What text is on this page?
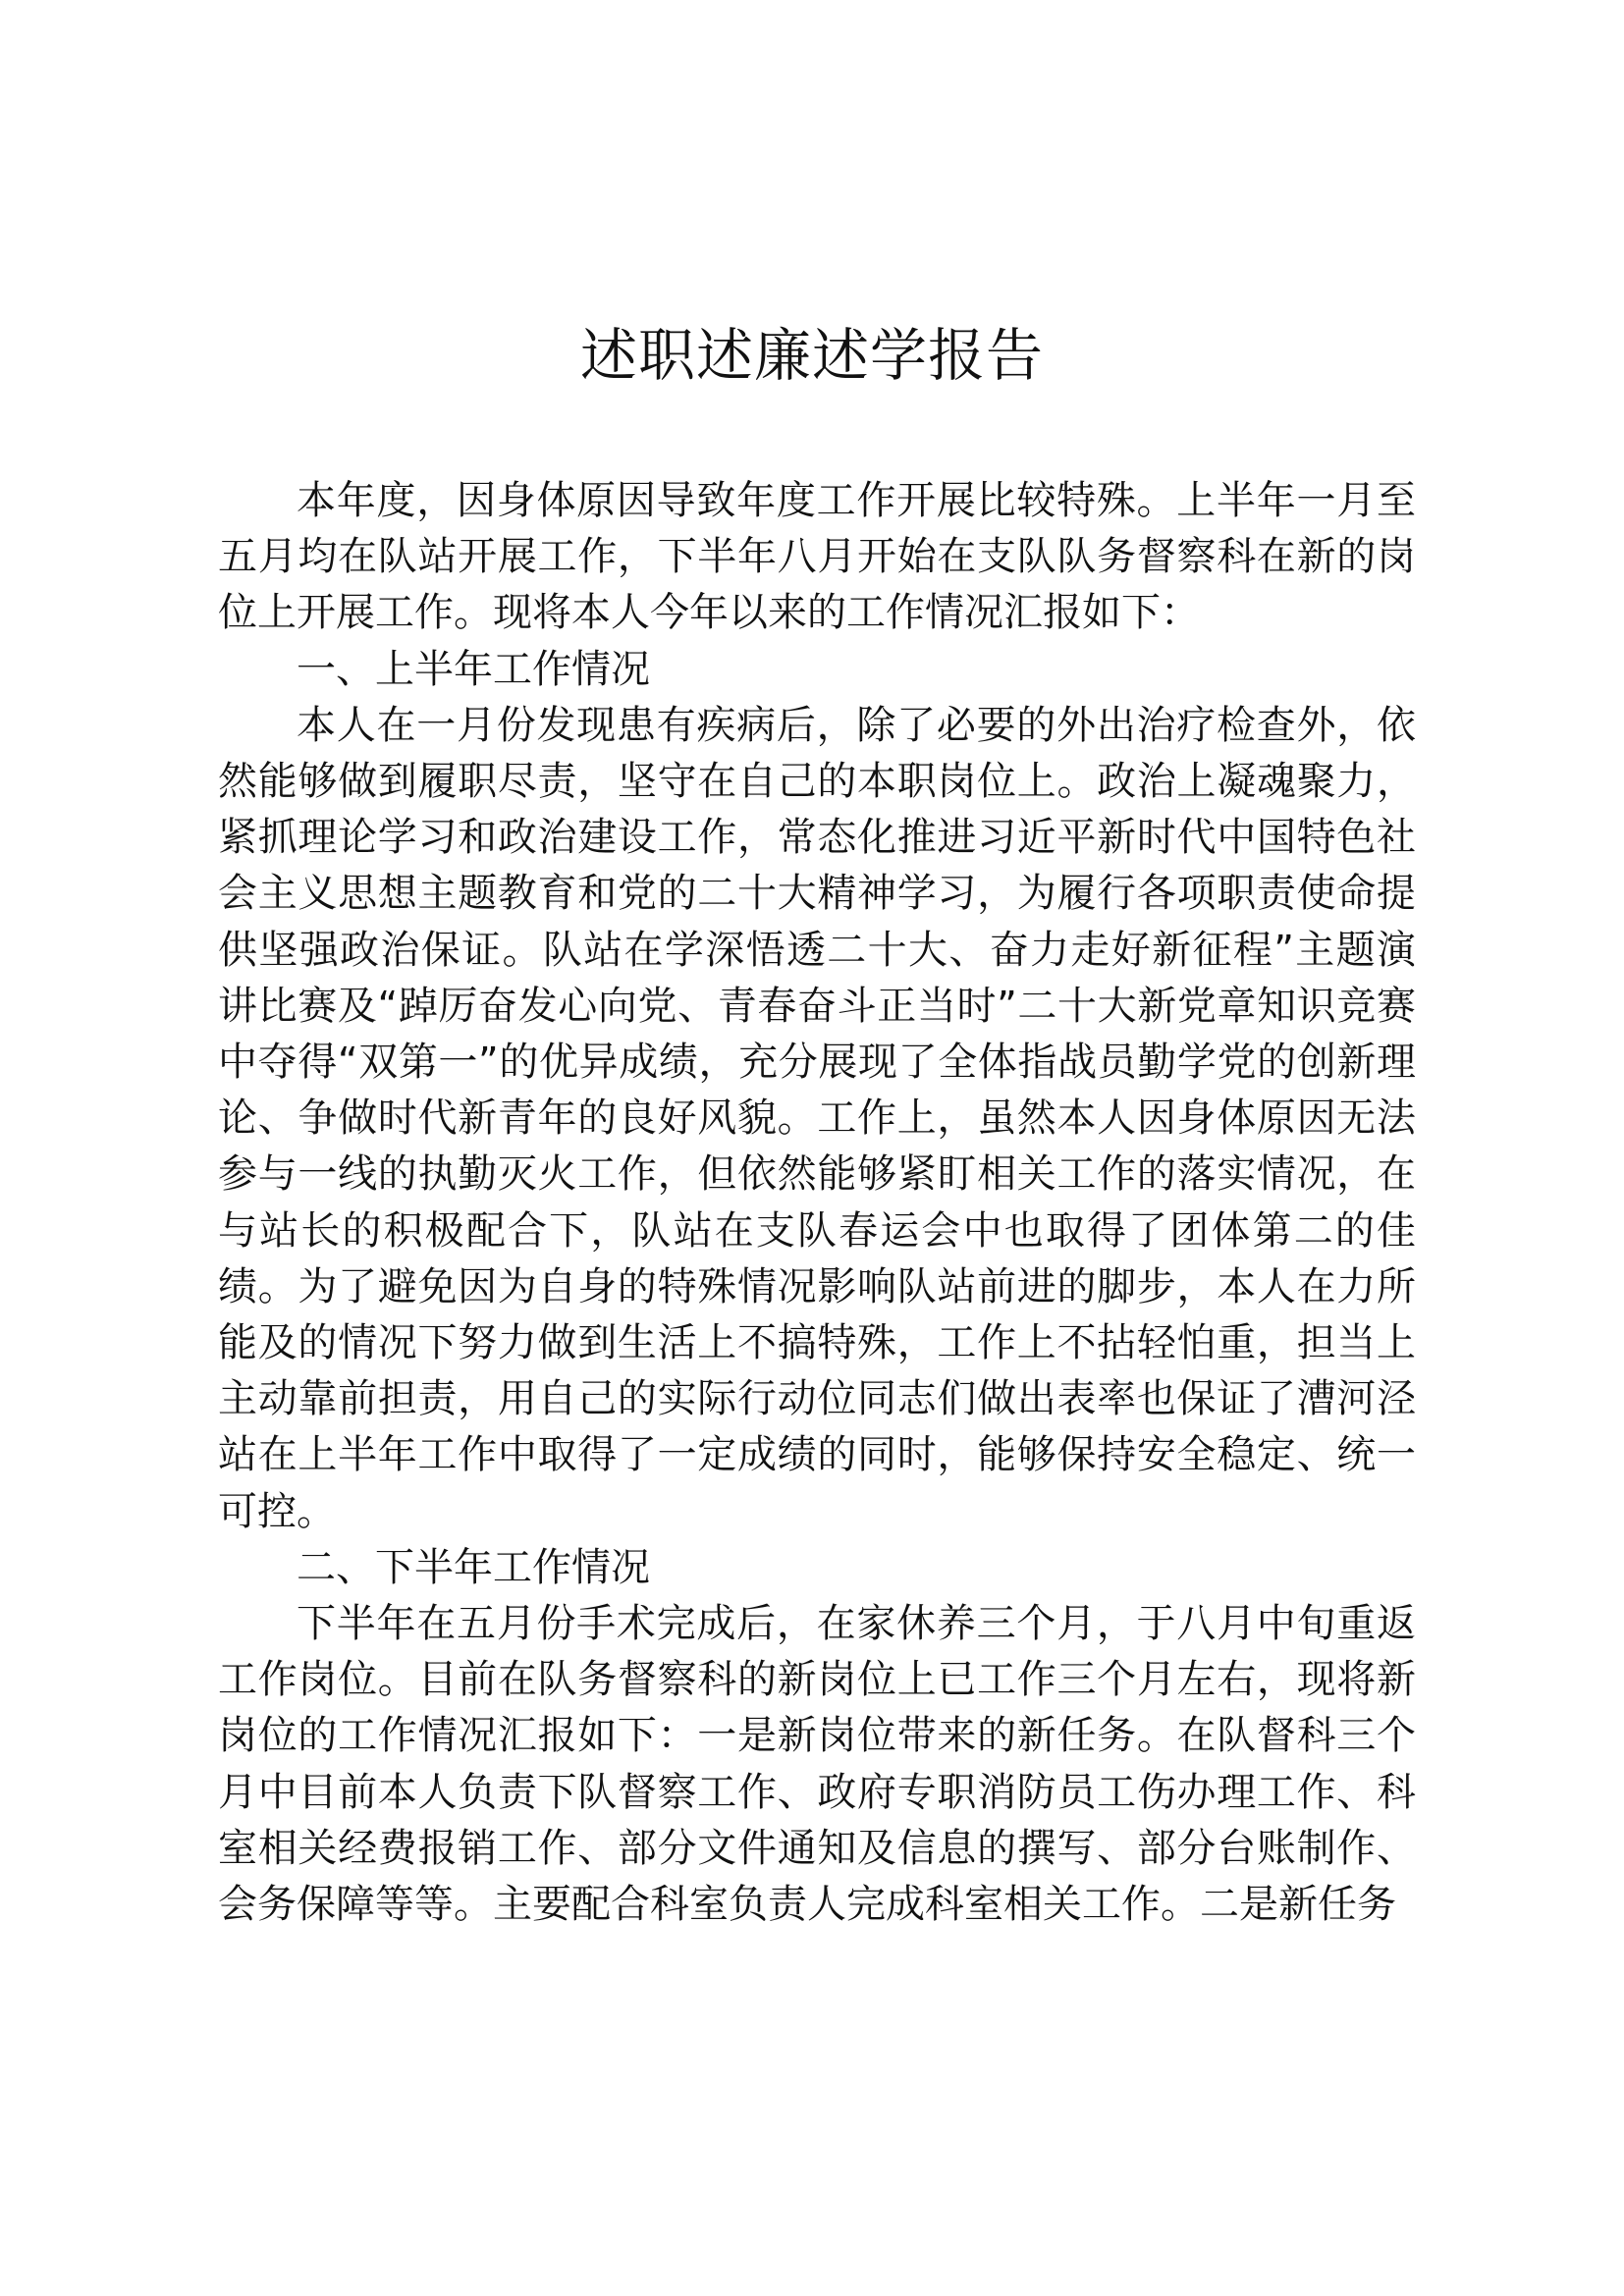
述职述廉述学报告

本年度，因身体原因导致年度工作开展比较特殊。上半年一月至五月均在队站开展工作，下半年八月开始在支队队务督察科在新的岗位上开展工作。现将本人今年以来的工作情况汇报如下：

一、上半年工作情况

本人在一月份发现患有疾病后，除了必要的外出治疗检查外，依然能够做到履职尽责，坚守在自己的本职岗位上。政治上凝魂聚力，紧抓理论学习和政治建设工作，常态化推进习近平新时代中国特色社会主义思想主题教育和党的二十大精神学习，为履行各项职责使命提供坚强政治保证。队站在学深悟透二十大、奋力走好新征程”主题演讲比赛及“踔厉奋发心向党、青春奋斗正当时”二十大新党章知识竞赛中夺得“双第一”的优异成绩，充分展现了全体指战员勤学党的创新理论、争做时代新青年的良好风貌。工作上，虽然本人因身体原因无法参与一线的执勤灭火工作，但依然能够紧盯相关工作的落实情况，在与站长的积极配合下，队站在支队春运会中也取得了团体第二的佳绩。为了避免因为自身的特殊情况影响队站前进的脚步，本人在力所能及的情况下努力做到生活上不搞特殊，工作上不拈轻怕重，担当上主动靠前担责，用自己的实际行动位同志们做出表率也保证了漕河泾站在上半年工作中取得了一定成绩的同时，能够保持安全稳定、统一可控。

二、下半年工作情况

下半年在五月份手术完成后，在家休养三个月，于八月中旬重返工作岗位。目前在队务督察科的新岗位上已工作三个月左右，现将新岗位的工作情况汇报如下：一是新岗位带来的新任务。在队督科三个月中目前本人负责下队督察工作、政府专职消防员工伤办理工作、科室相关经费报销工作、部分文件通知及信息的撰写、部分台账制作、会务保障等等。主要配合科室负责人完成科室相关工作。二是新任务
